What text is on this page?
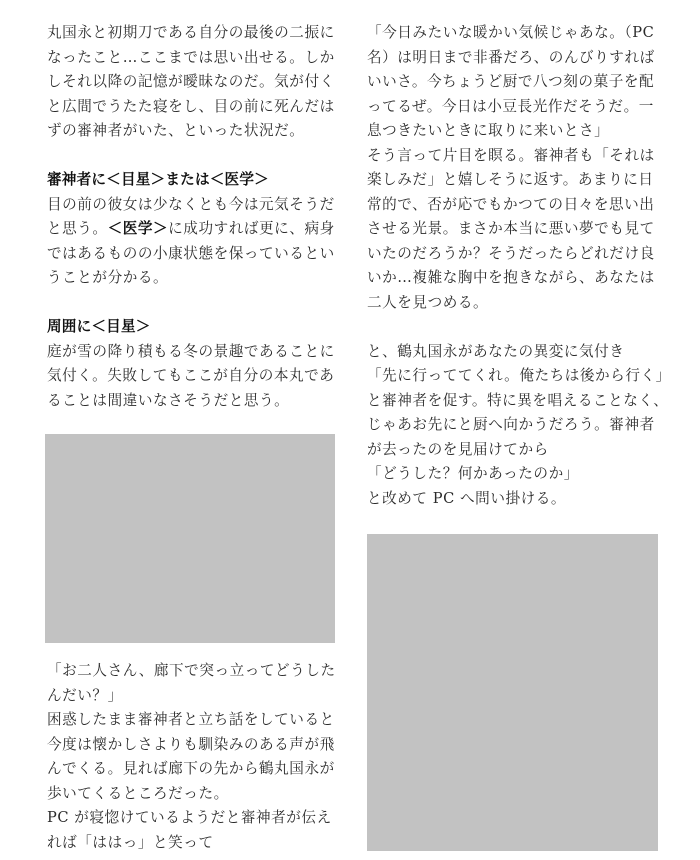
丸国永と初期刀である自分の最後の二振に
なったこと…ここまでは思い出せる。しか
しそれ以降の記憶が曖昧なのだ。気が付く
と広間でうたた寝をし、目の前に死んだは
ずの審神者がいた、といった状況だ。
審神者に＜目星＞または＜医学＞
目の前の彼女は少なくとも今は元気そうだ
と思う。＜医学＞に成功すれば更に、病身
ではあるものの小康状態を保っているとい
うことが分かる。
周囲に＜目星＞
庭が雪の降り積もる冬の景趣であることに
気付く。失敗してもここが自分の本丸であ
ることは間違いなさそうだと思う。
「お二人さん、廊下で突っ立ってどうした
んだい？」
困惑したまま審神者と立ち話をしていると
今度は懐かしさよりも馴染みのある声が飛
んでくる。見れば廊下の先から鶴丸国永が
歩いてくるところだった。
PC が寝惚けているようだと審神者が伝え
れば「ははっ」と笑って
「今日みたいな暖かい気候じゃあな。（PC
名）は明日まで非番だろ、のんびりすれば
いいさ。今ちょうど厨で八つ刻の菓子を配
ってるぜ。今日は小豆長光作だそうだ。一
息つきたいときに取りに来いとさ」
そう言って片目を瞑る。審神者も「それは
楽しみだ」と嬉しそうに返す。あまりに日
常的で、否が応でもかつての日々を思い出
させる光景。まさか本当に悪い夢でも見て
いたのだろうか？そうだったらどれだけ良
いか…複雑な胸中を抱きながら、あなたは
二人を見つめる。
と、鶴丸国永があなたの異変に気付き
「先に行っててくれ。俺たちは後から行く」
と審神者を促す。特に異を唱えることなく、
じゃあお先にと厨へ向かうだろう。審神者
が去ったのを見届けてから
「どうした？何かあったのか」
と改めて PC へ問い掛ける。
